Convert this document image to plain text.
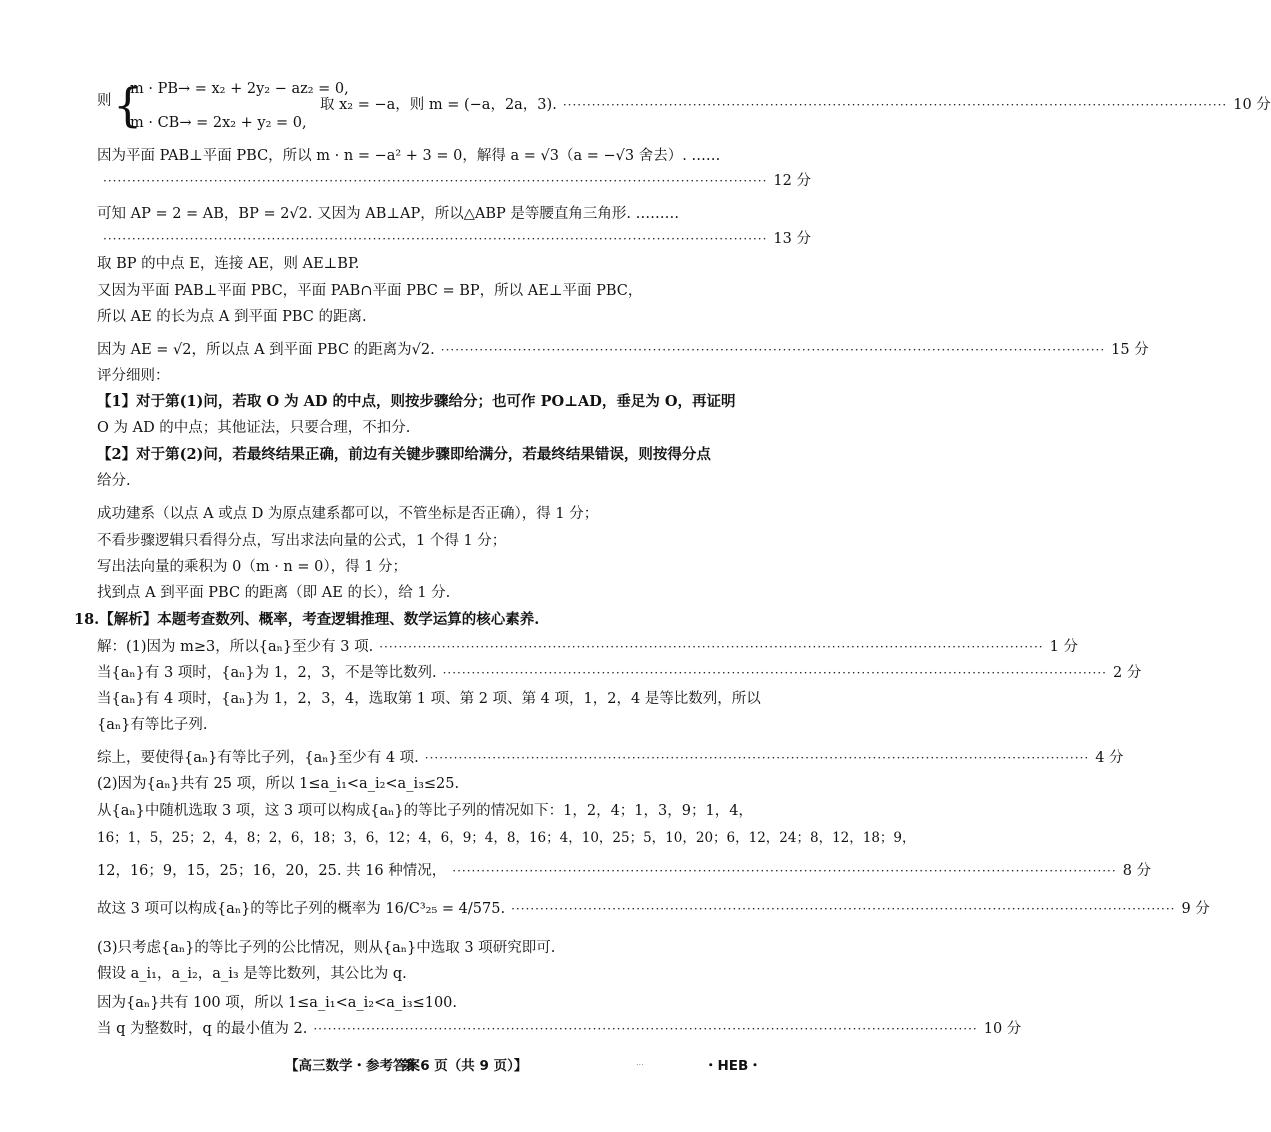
m · PB→ = x₂ + 2y₂ − az₂ = 0,
则 {	取 x₂ = −a，则 m = (−a，2a，3). ·····	10 分
m · CB→ = 2x₂ + y₂ = 0,
因为平面 PAB⊥平面 PBC，所以 m · n = −a² + 3 = 0，解得 a = √3（a = −√3 舍去）. ……
·····
12 分
可知 AP = 2 = AB，BP = 2√2. 又因为 AB⊥AP，所以△ABP 是等腰直角三角形. ………
·····
13 分
取 BP 的中点 E，连接 AE，则 AE⊥BP.
又因为平面 PAB⊥平面 PBC，平面 PAB∩平面 PBC = BP，所以 AE⊥平面 PBC，
所以 AE 的长为点 A 到平面 PBC 的距离.
因为 AE = √2，所以点 A 到平面 PBC 的距离为√2. ·····	15 分
评分细则：
【1】对于第(1)问，若取 O 为 AD 的中点，则按步骤给分；也可作 PO⊥AD，垂足为 O，再证明
O 为 AD 的中点；其他证法，只要合理，不扣分.
【2】对于第(2)问，若最终结果正确，前边有关键步骤即给满分，若最终结果错误，则按得分点
给分.
成功建系（以点 A 或点 D 为原点建系都可以，不管坐标是否正确），得 1 分；
不看步骤逻辑只看得分点，写出求法向量的公式，1 个得 1 分；
写出法向量的乘积为 0（m · n = 0），得 1 分；
找到点 A 到平面 PBC 的距离（即 AE 的长），给 1 分.
18.【解析】本题考查数列、概率，考查逻辑推理、数学运算的核心素养.
解：(1)因为 m≥3，所以{aₙ}至少有 3 项. ·····	1 分
当{aₙ}有 3 项时，{aₙ}为 1，2，3，不是等比数列. ·····	2 分
当{aₙ}有 4 项时，{aₙ}为 1，2，3，4，选取第 1 项、第 2 项、第 4 项，1，2，4 是等比数列，所以
{aₙ}有等比子列.
综上，要使得{aₙ}有等比子列，{aₙ}至少有 4 项. ·····	4 分
(2)因为{aₙ}共有 25 项，所以 1≤a_i₁<a_i₂<a_i₃≤25.
从{aₙ}中随机选取 3 项，这 3 项可以构成{aₙ}的等比子列的情况如下：1，2，4；1，3，9；1，4，
16；1，5，25；2，4，8；2，6，18；3，6，12；4，6，9；4，8，16；4，10，25；5，10，20；6，12，24；8，12，18；9，
12，16；9，15，25；16，20，25. 共 16 种情况， ·····	8 分
故这 3 项可以构成{aₙ}的等比子列的概率为 16/C³₂₅ = 4/575. ·····	9 分
(3)只考虑{aₙ}的等比子列的公比情况，则从{aₙ}中选取 3 项研究即可.
假设 a_i₁，a_i₂，a_i₃ 是等比数列，其公比为 q.
因为{aₙ}共有 100 项，所以 1≤a_i₁<a_i₂<a_i₃≤100.
当 q 为整数时，q 的最小值为 2. ·····	10 分
【高三数学・参考答案
第 6 页（共 9 页）】	...	・HEB・
